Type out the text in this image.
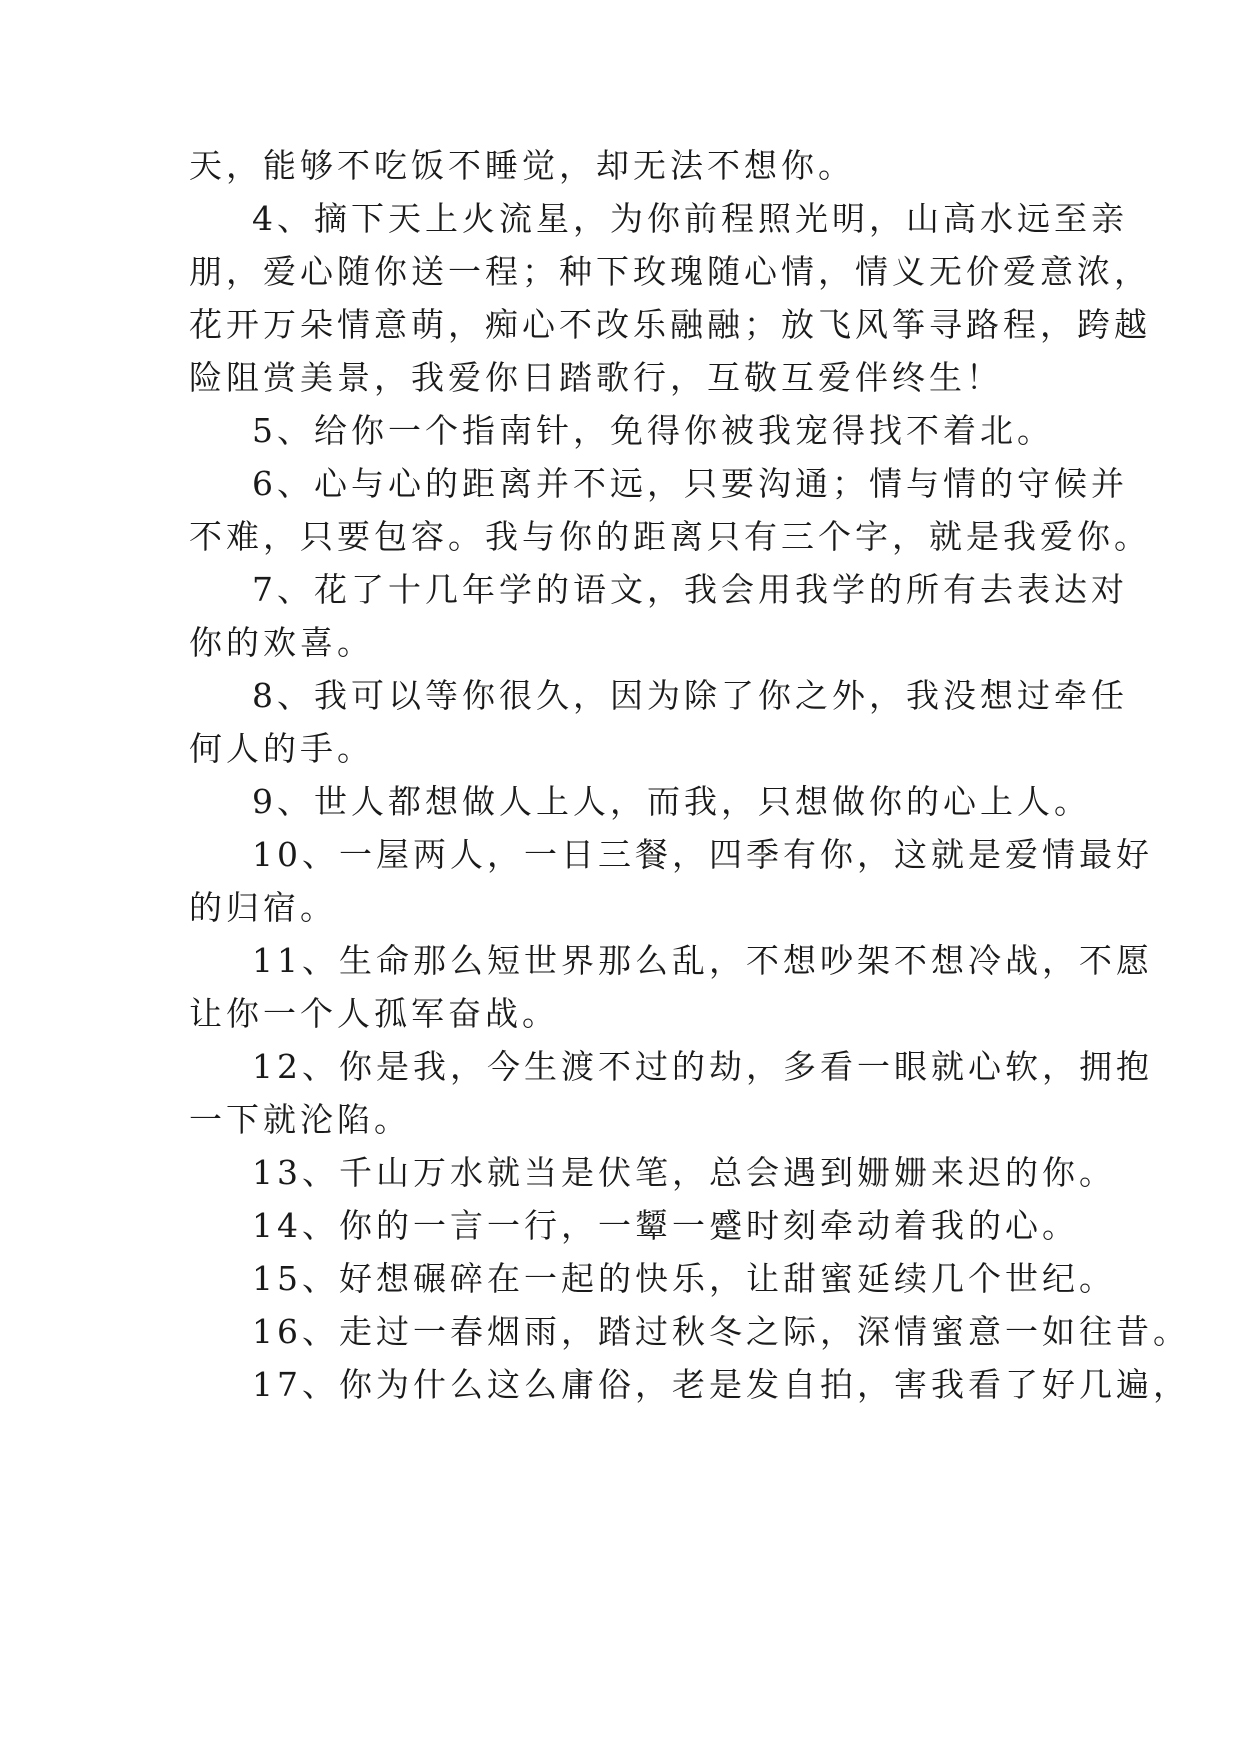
天，能够不吃饭不睡觉，却无法不想你。
4、摘下天上火流星，为你前程照光明，山高水远至亲
朋，爱心随你送一程；种下玫瑰随心情，情义无价爱意浓，
花开万朵情意萌，痴心不改乐融融；放飞风筝寻路程，跨越
险阻赏美景，我爱你日踏歌行，互敬互爱伴终生！
5、给你一个指南针，免得你被我宠得找不着北。
6、心与心的距离并不远，只要沟通；情与情的守候并
不难，只要包容。我与你的距离只有三个字，就是我爱你。
7、花了十几年学的语文，我会用我学的所有去表达对
你的欢喜。
8、我可以等你很久，因为除了你之外，我没想过牵任
何人的手。
9、世人都想做人上人，而我，只想做你的心上人。
10、一屋两人，一日三餐，四季有你，这就是爱情最好
的归宿。
11、生命那么短世界那么乱，不想吵架不想冷战，不愿
让你一个人孤军奋战。
12、你是我，今生渡不过的劫，多看一眼就心软，拥抱
一下就沦陷。
13、千山万水就当是伏笔，总会遇到姗姗来迟的你。
14、你的一言一行，一颦一蹙时刻牵动着我的心。
15、好想碾碎在一起的快乐，让甜蜜延续几个世纪。
16、走过一春烟雨，踏过秋冬之际，深情蜜意一如往昔。
17、你为什么这么庸俗，老是发自拍，害我看了好几遍，
